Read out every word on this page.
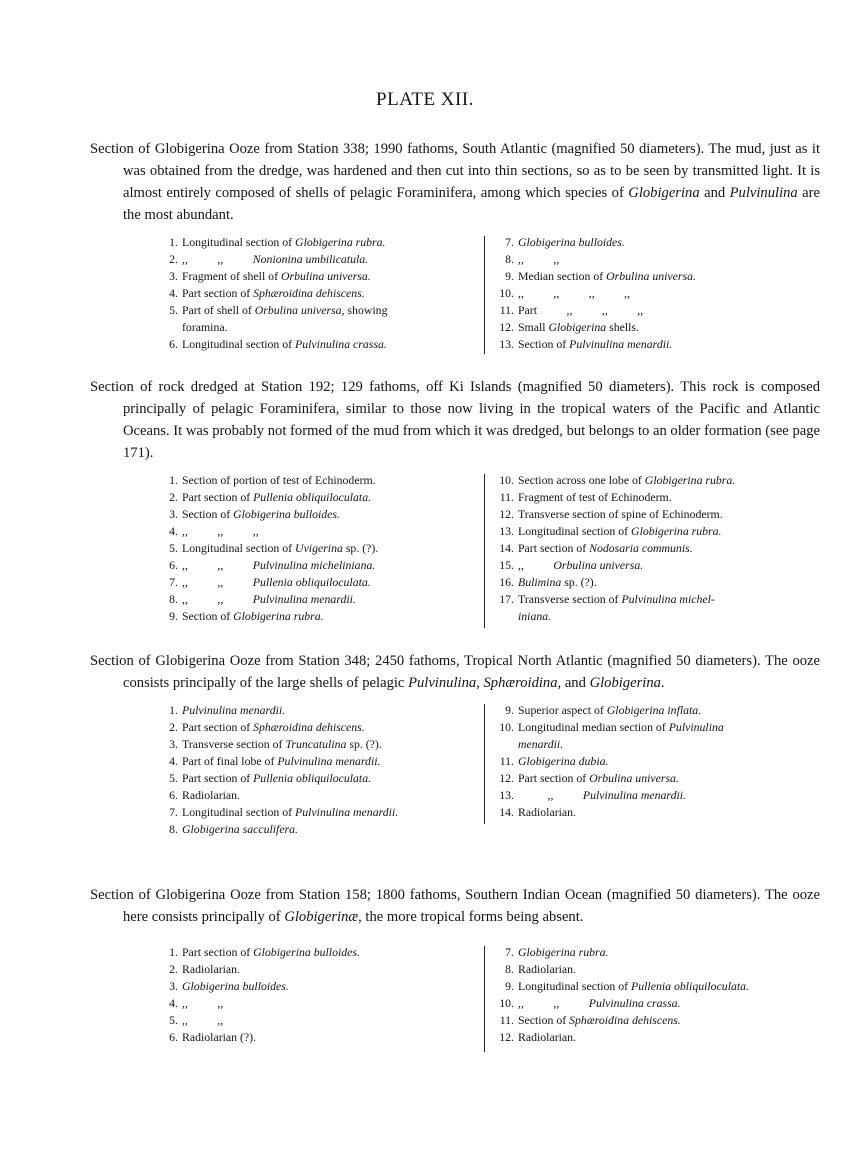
PLATE XII.

Section of Globigerina Ooze from Station 338; 1990 fathoms, South Atlantic (magnified 50 diameters). The mud, just as it was obtained from the dredge, was hardened and then cut into thin sections, so as to be seen by transmitted light. It is almost entirely composed of shells of pelagic Foraminifera, among which species of Globigerina and Pulvinulina are the most abundant.

1. Longitudinal section of Globigerina rubra.
2. ,,          ,,          Nonionina umbilicatula.
3. Fragment of shell of Orbulina universa.
4. Part section of Sphæroidina dehiscens.
5. Part of shell of Orbulina universa, showing
foramina.
6. Longitudinal section of Pulvinulina crassa.
7. Globigerina bulloides.
8. ,,          ,,
9. Median section of Orbulina universa.
10. ,,          ,,          ,,          ,,
11. Part          ,,          ,,          ,,
12. Small Globigerina shells.
13. Section of Pulvinulina menardii.

Section of rock dredged at Station 192; 129 fathoms, off Ki Islands (magnified 50 diameters). This rock is composed principally of pelagic Foraminifera, similar to those now living in the tropical waters of the Pacific and Atlantic Oceans. It was probably not formed of the mud from which it was dredged, but belongs to an older formation (see page 171).

1. Section of portion of test of Echinoderm.
2. Part section of Pullenia obliquiloculata.
3. Section of Globigerina bulloides.
4. ,,          ,,          ,,
5. Longitudinal section of Uvigerina sp. (?).
6. ,,          ,,          Pulvinulina micheliniana.
7. ,,          ,,          Pullenia obliquiloculata.
8. ,,          ,,          Pulvinulina menardii.
9. Section of Globigerina rubra.
10. Section across one lobe of Globigerina rubra.
11. Fragment of test of Echinoderm.
12. Transverse section of spine of Echinoderm.
13. Longitudinal section of Globigerina rubra.
14. Part section of Nodosaria communis.
15. ,,          Orbulina universa.
16. Bulimina sp. (?).
17. Transverse section of Pulvinulina michel-
iniana.

Section of Globigerina Ooze from Station 348; 2450 fathoms, Tropical North Atlantic (magnified 50 diameters). The ooze consists principally of the large shells of pelagic Pulvinulina, Sphæroidina, and Globigerina.

1. Pulvinulina menardii.
2. Part section of Sphæroidina dehiscens.
3. Transverse section of Truncatulina sp. (?).
4. Part of final lobe of Pulvinulina menardii.
5. Part section of Pullenia obliquiloculata.
6. Radiolarian.
7. Longitudinal section of Pulvinulina menardii.
8. Globigerina sacculifera.
9. Superior aspect of Globigerina inflata.
10. Longitudinal median section of Pulvinulina
menardii.
11. Globigerina dubia.
12. Part section of Orbulina universa.
13.          ,,          Pulvinulina menardii.
14. Radiolarian.

Section of Globigerina Ooze from Station 158; 1800 fathoms, Southern Indian Ocean (magnified 50 diameters). The ooze here consists principally of Globigerinæ, the more tropical forms being absent.

1. Part section of Globigerina bulloides.
2. Radiolarian.
3. Globigerina bulloides.
4. ,,          ,,
5. ,,          ,,
6. Radiolarian (?).
7. Globigerina rubra.
8. Radiolarian.
9. Longitudinal section of Pullenia obliquiloculata.
10. ,,          ,,          Pulvinulina crassa.
11. Section of Sphæroidina dehiscens.
12. Radiolarian.
